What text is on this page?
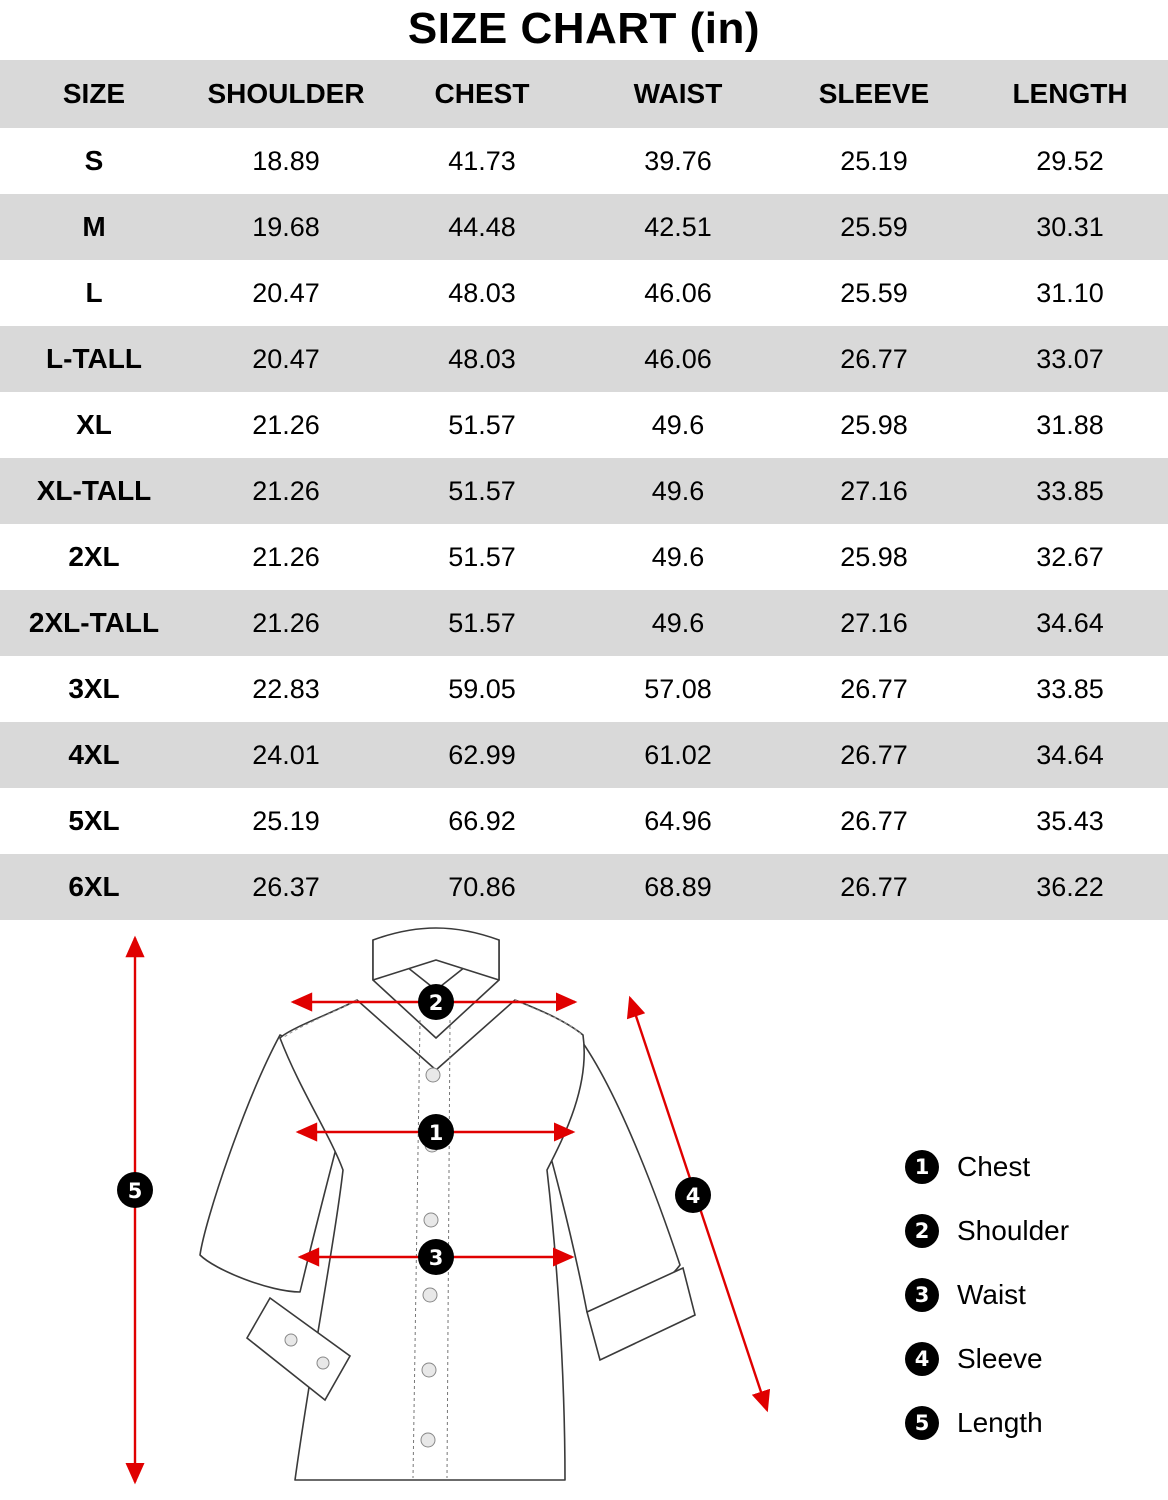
SIZE CHART (in)
SIZE	SHOULDER	CHEST	WAIST	SLEEVE	LENGTH
S	18.89	41.73	39.76	25.19	29.52
M	19.68	44.48	42.51	25.59	30.31
L	20.47	48.03	46.06	25.59	31.10
L-TALL	20.47	48.03	46.06	26.77	33.07
XL	21.26	51.57	49.6	25.98	31.88
XL-TALL	21.26	51.57	49.6	27.16	33.85
2XL	21.26	51.57	49.6	25.98	32.67
2XL-TALL	21.26	51.57	49.6	27.16	34.64
3XL	22.83	59.05	57.08	26.77	33.85
4XL	24.01	62.99	61.02	26.77	34.64
5XL	25.19	66.92	64.96	26.77	35.43
6XL	26.37	70.86	68.89	26.77	36.22
2
1
3
4
5
1 Chest
2 Shoulder
3 Waist
4 Sleeve
5 Length
